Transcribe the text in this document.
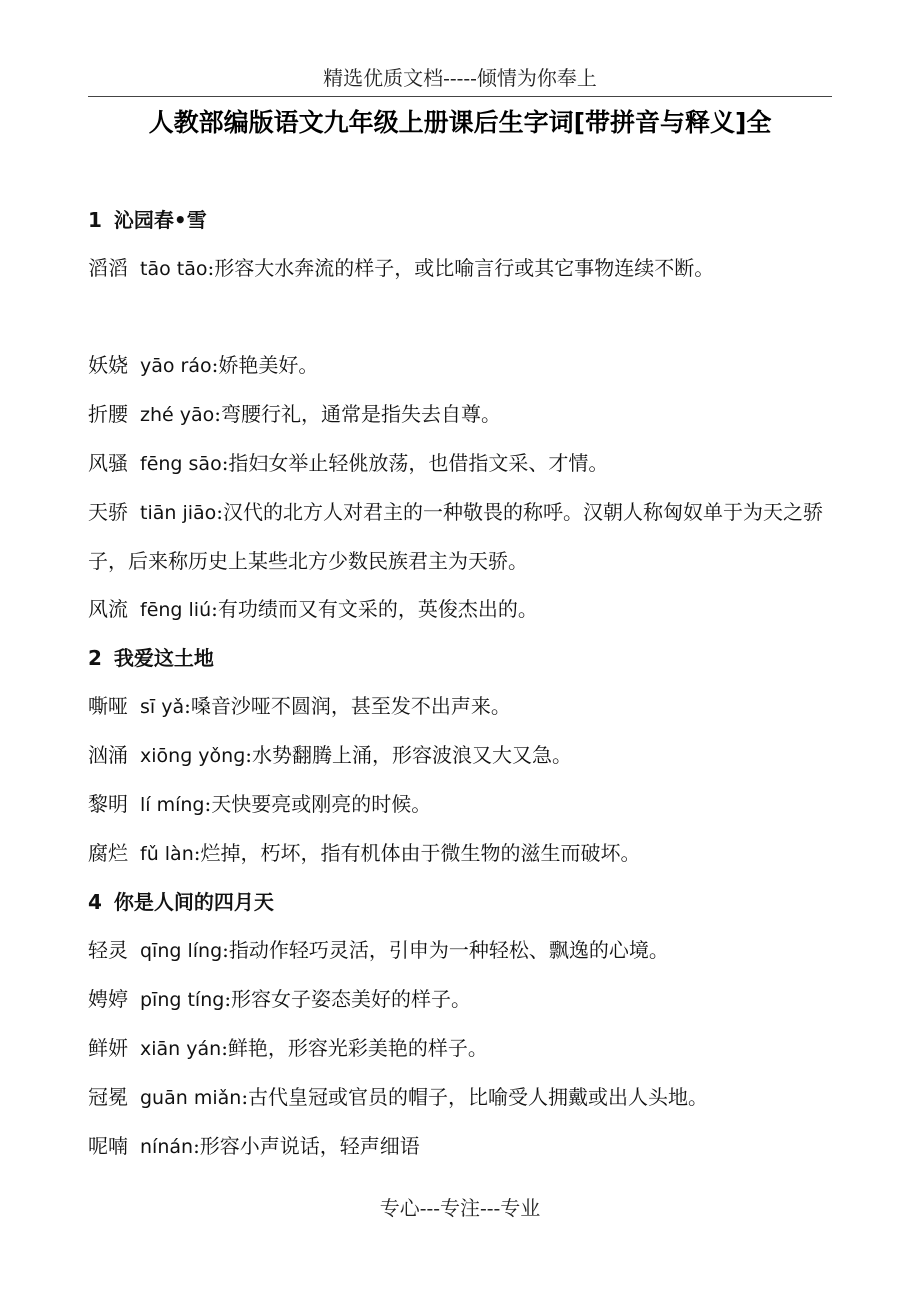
精选优质文档-----倾情为你奉上
人教部编版语文九年级上册课后生字词[带拼音与释义]全
1 沁园春•雪
滔滔 tāo tāo:形容大水奔流的样子，或比喻言行或其它事物连续不断。
妖娆 yāo ráo:娇艳美好。
折腰 zhé yāo:弯腰行礼，通常是指失去自尊。
风骚 fēng sāo:指妇女举止轻佻放荡，也借指文采、才情。
天骄 tiān jiāo:汉代的北方人对君主的一种敬畏的称呼。汉朝人称匈奴单于为天之骄子，后来称历史上某些北方少数民族君主为天骄。
风流 fēng liú:有功绩而又有文采的，英俊杰出的。
2 我爱这土地
嘶哑 sī yǎ:嗓音沙哑不圆润，甚至发不出声来。
汹涌 xiōnɡ yǒnɡ:水势翻腾上涌，形容波浪又大又急。
黎明 lí míng:天快要亮或刚亮的时候。
腐烂 fǔ làn:烂掉，朽坏，指有机体由于微生物的滋生而破坏。
4 你是人间的四月天
轻灵 qīng líng:指动作轻巧灵活，引申为一种轻松、飘逸的心境。
娉婷 pīng tíng:形容女子姿态美好的样子。
鲜妍 xiān yán:鲜艳，形容光彩美艳的样子。
冠冕 guān miǎn:古代皇冠或官员的帽子，比喻受人拥戴或出人头地。
呢喃 nínán:形容小声说话，轻声细语
专心---专注---专业
